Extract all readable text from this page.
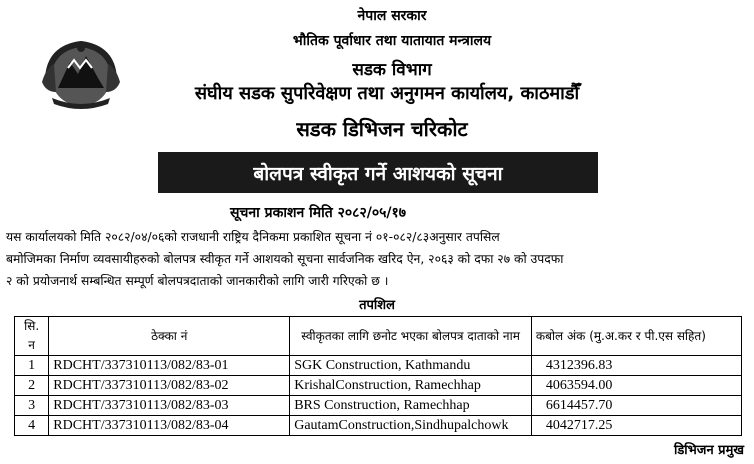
नेपाल सरकार
भौतिक पूर्वाधार तथा यातायात मन्त्रालय
सडक विभाग
संघीय सडक सुपरिवेक्षण तथा अनुगमन कार्यालय, काठमाडौँ
सडक डिभिजन चरिकोट
बोलपत्र स्वीकृत गर्ने आशयको सूचना
सूचना प्रकाशन मिति २०८२/०५/१७
यस कार्यालयको मिति २०८२/०४/०६को राजधानी राष्ट्रिय दैनिकमा प्रकाशित सूचना नं ०१-०८२/८३अनुसार तपसिल
बमोजिमका निर्माण व्यवसायीहरुको बोलपत्र स्वीकृत गर्ने आशयको सूचना सार्वजनिक खरिद ऐन, २०६३ को दफा २७ को उपदफा
२ को प्रयोजनार्थ सम्बन्धित सम्पूर्ण बोलपत्रदाताको जानकारीको लागि जारी गरिएको छ ।
तपशिल
सि. न	ठेक्का नं	स्वीकृतका लागि छनोट भएका बोलपत्र दाताको नाम	कबोल अंक (मु.अ.कर र पी.एस सहित)
1	RDCHT/337310113/082/83-01	SGK Construction, Kathmandu	4312396.83
2	RDCHT/337310113/082/83-02	KrishalConstruction, Ramechhap	4063594.00
3	RDCHT/337310113/082/83-03	BRS Construction, Ramechhap	6614457.70
4	RDCHT/337310113/082/83-04	GautamConstruction,Sindhupalchowk	4042717.25
डिभिजन प्रमुख
